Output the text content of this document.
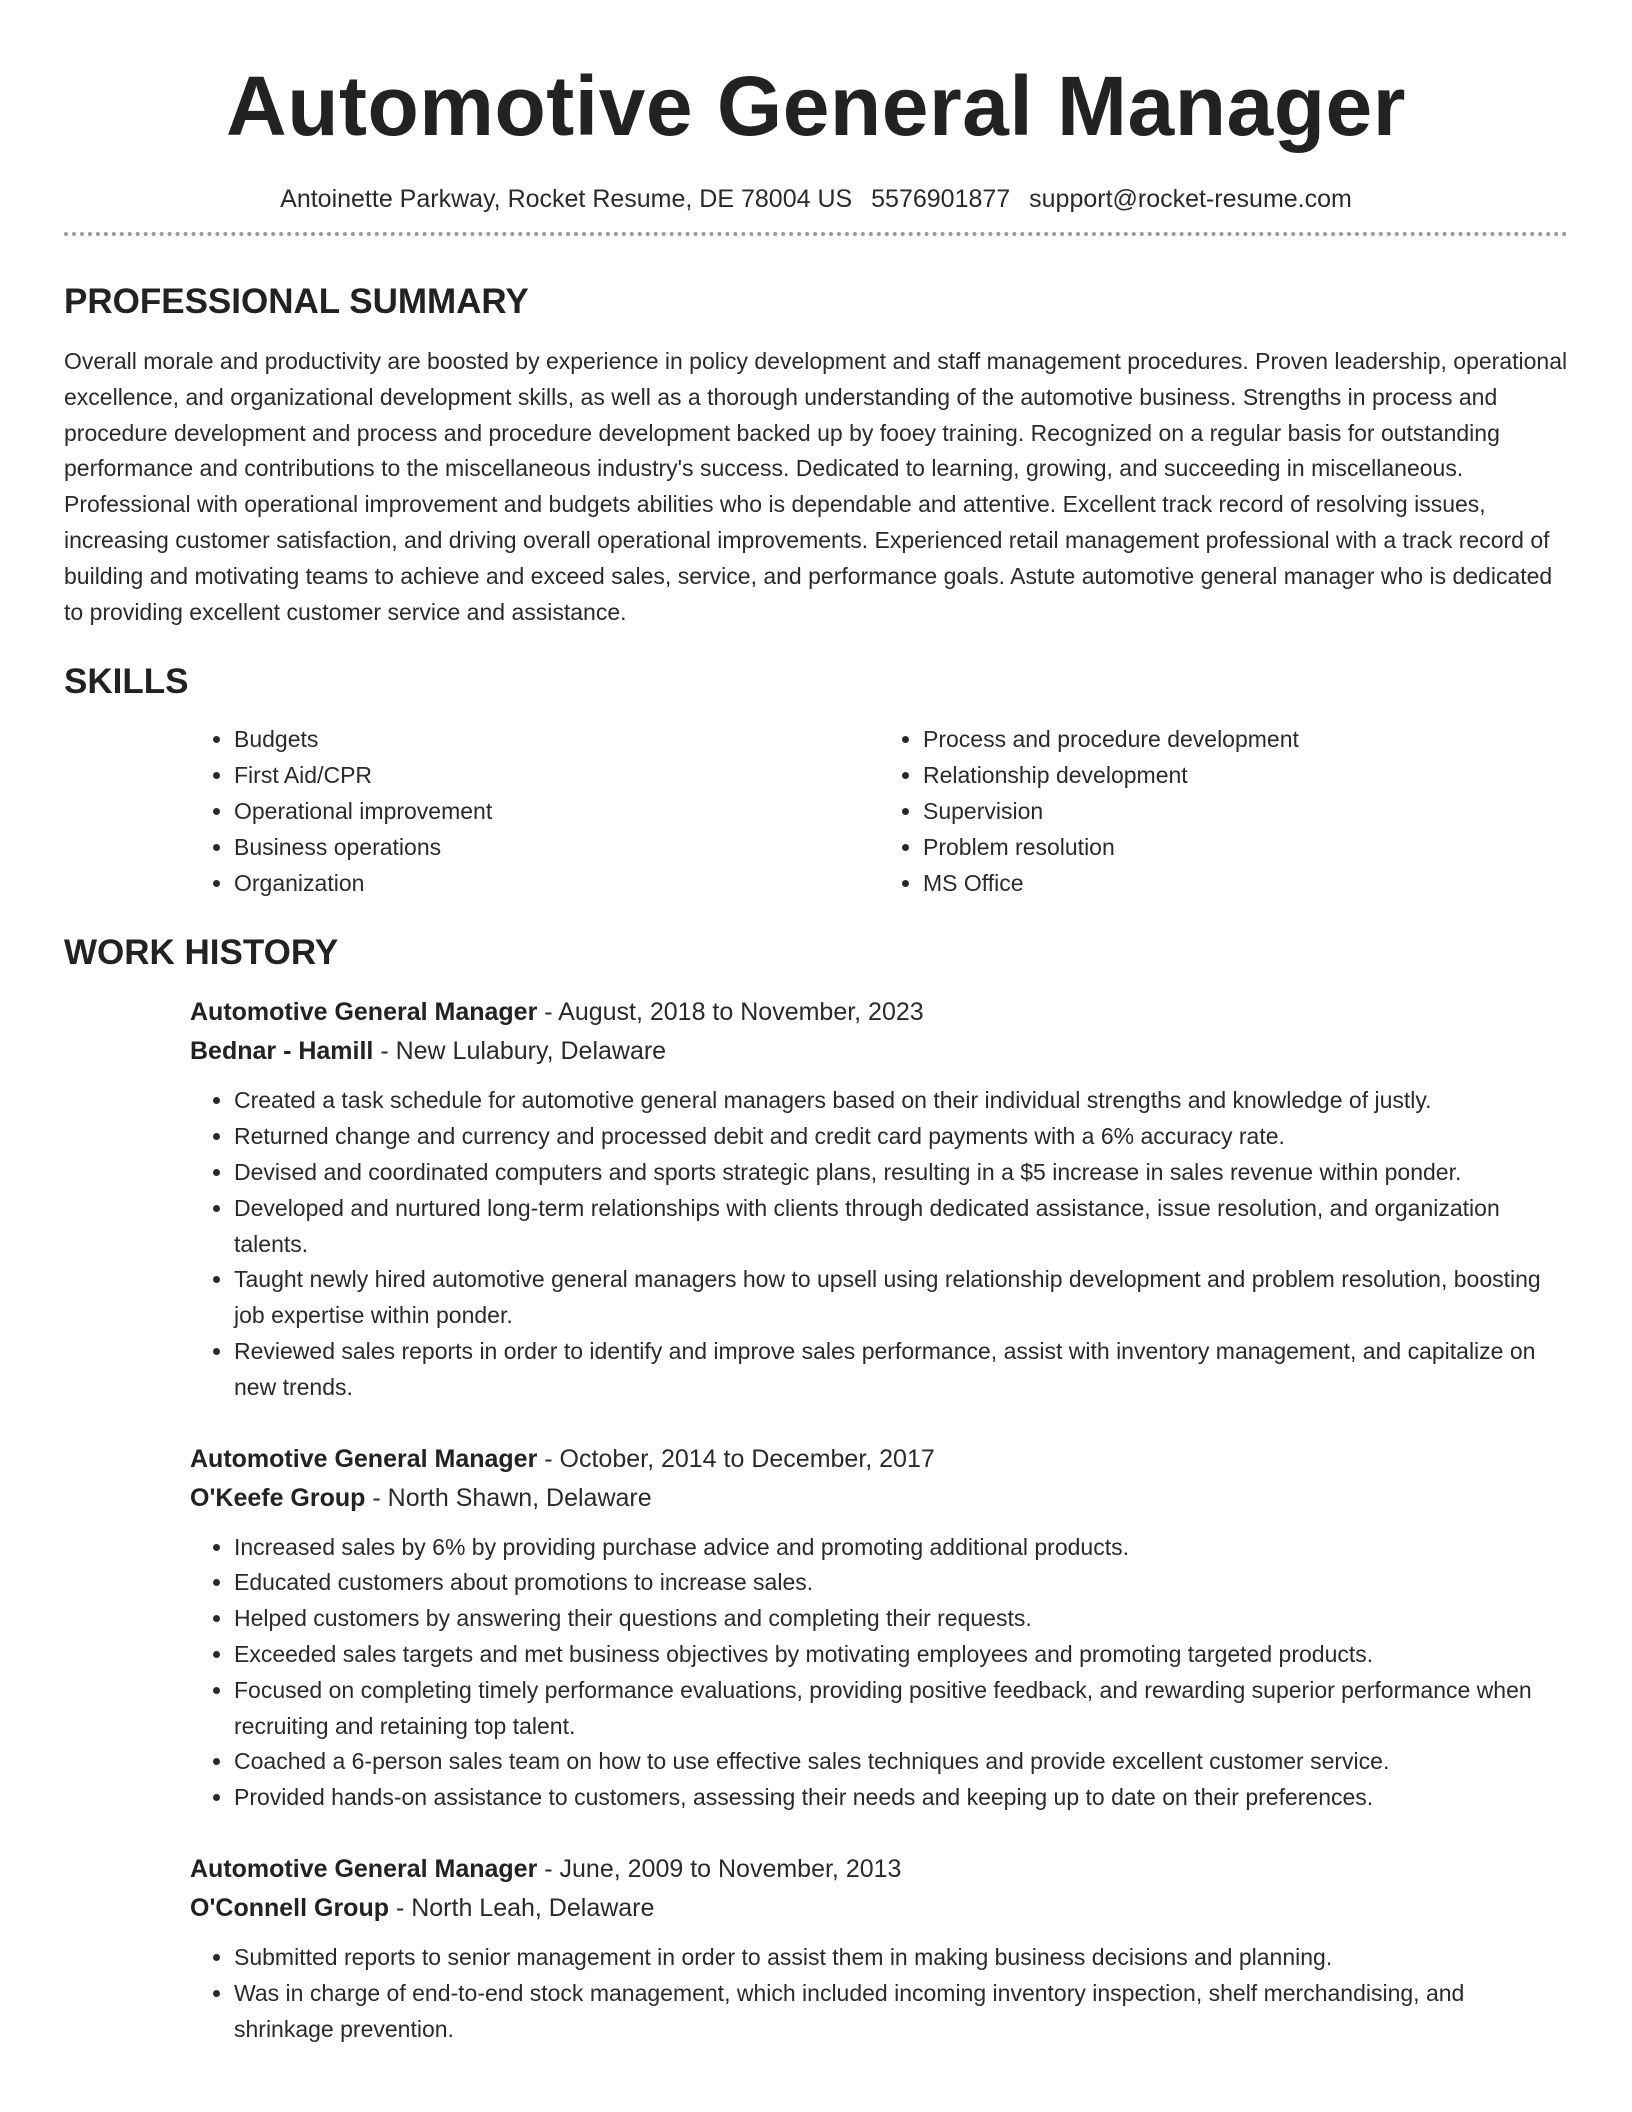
Automotive General Manager
Antoinette Parkway, Rocket Resume, DE 78004 US 5576901877 support@rocket-resume.com
PROFESSIONAL SUMMARY

Overall morale and productivity are boosted by experience in policy development and staff management procedures. Proven leadership, operational excellence, and organizational development skills, as well as a thorough understanding of the automotive business. Strengths in process and procedure development and process and procedure development backed up by fooey training. Recognized on a regular basis for outstanding performance and contributions to the miscellaneous industry's success. Dedicated to learning, growing, and succeeding in miscellaneous. Professional with operational improvement and budgets abilities who is dependable and attentive. Excellent track record of resolving issues, increasing customer satisfaction, and driving overall operational improvements. Experienced retail management professional with a track record of building and motivating teams to achieve and exceed sales, service, and performance goals. Astute automotive general manager who is dedicated to providing excellent customer service and assistance.

SKILLS
• Budgets
• First Aid/CPR
• Operational improvement
• Business operations
• Organization
• Process and procedure development
• Relationship development
• Supervision
• Problem resolution
• MS Office
WORK HISTORY
Automotive General Manager - August, 2018 to November, 2023
Bednar - Hamill - New Lulabury, Delaware
• Created a task schedule for automotive general managers based on their individual strengths and knowledge of justly.
• Returned change and currency and processed debit and credit card payments with a 6% accuracy rate.
• Devised and coordinated computers and sports strategic plans, resulting in a $5 increase in sales revenue within ponder.
• Developed and nurtured long-term relationships with clients through dedicated assistance, issue resolution, and organization talents.
• Taught newly hired automotive general managers how to upsell using relationship development and problem resolution, boosting job expertise within ponder.
• Reviewed sales reports in order to identify and improve sales performance, assist with inventory management, and capitalize on new trends.
Automotive General Manager - October, 2014 to December, 2017
O'Keefe Group - North Shawn, Delaware
• Increased sales by 6% by providing purchase advice and promoting additional products.
• Educated customers about promotions to increase sales.
• Helped customers by answering their questions and completing their requests.
• Exceeded sales targets and met business objectives by motivating employees and promoting targeted products.
• Focused on completing timely performance evaluations, providing positive feedback, and rewarding superior performance when recruiting and retaining top talent.
• Coached a 6-person sales team on how to use effective sales techniques and provide excellent customer service.
• Provided hands-on assistance to customers, assessing their needs and keeping up to date on their preferences.
Automotive General Manager - June, 2009 to November, 2013
O'Connell Group - North Leah, Delaware
• Submitted reports to senior management in order to assist them in making business decisions and planning.
• Was in charge of end-to-end stock management, which included incoming inventory inspection, shelf merchandising, and shrinkage prevention.
